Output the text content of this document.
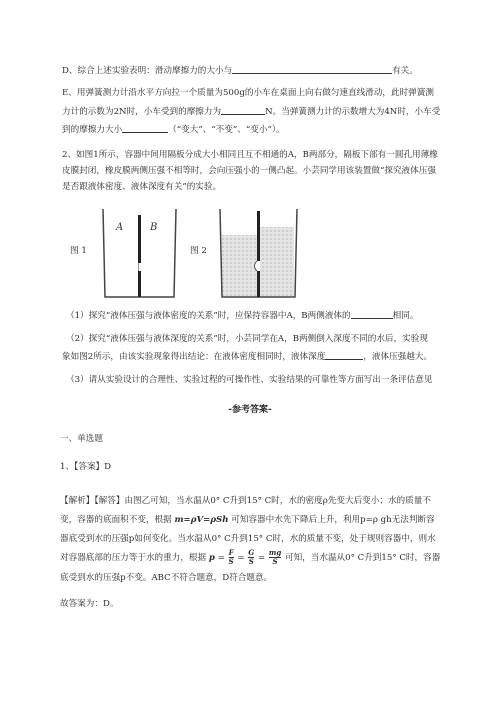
D、综合上述实验表明：滑动摩擦力的大小与	有关。
E、用弹簧测力计沿水平方向拉一个质量为500g的小车在桌面上向右做匀速直线滑动，此时弹簧测
力计的示数为2N时，小车受到的摩擦力为	N。当弹簧测力计的示数增大为4N时，小车受
到的摩擦力大小	（“变大”、“不变”、“变小”）。
2、如图1所示，容器中间用隔板分成大小相同且互不相通的A，B两部分，隔板下部有一圆孔用薄橡
皮膜封闭，橡皮膜两侧压强不相等时，会向压强小的一侧凸起。小芸同学用该装置做“探究液体压强
是否跟液体密度、液体深度有关”的实验。
图 1
A	B
图 2
（1）探究“液体压强与液体密度的关系”时，应保持容器中A，B两侧液体的	相同。
（2）探究“液体压强与液体深度的关系”时，小芸同学在A，B两侧倒入深度不同的水后，实验现
象如图2所示，由该实验现象得出结论：在液体密度相同时，液体深度	，液体压强越大。
（3）请从实验设计的合理性、实验过程的可操作性、实验结果的可靠性等方面写出一条评估意见
-参考答案-
一、单选题
1、【答案】D
【解析】【解答】由图乙可知，当水温从0° C升到15° C时，水的密度ρ先变大后变小；水的质量不
变，容器的底面积不变，根据 m=ρV=ρSh 可知容器中水先下降后上升，利用p=ρ gh无法判断容
器底受到水的压强p如何变化。当水温从0° C升到15° C时，水的质量不变，处于规则容器中，则水
对容器底部的压力等于水的重力，根据 $p = \frac{F}{S} = \frac{G}{S} = \frac{mg}{S}$ 可知，当水温从0° C升到15° C时，容器
底受到水的压强p不变。ABC不符合题意，D符合题意。
故答案为：D。
